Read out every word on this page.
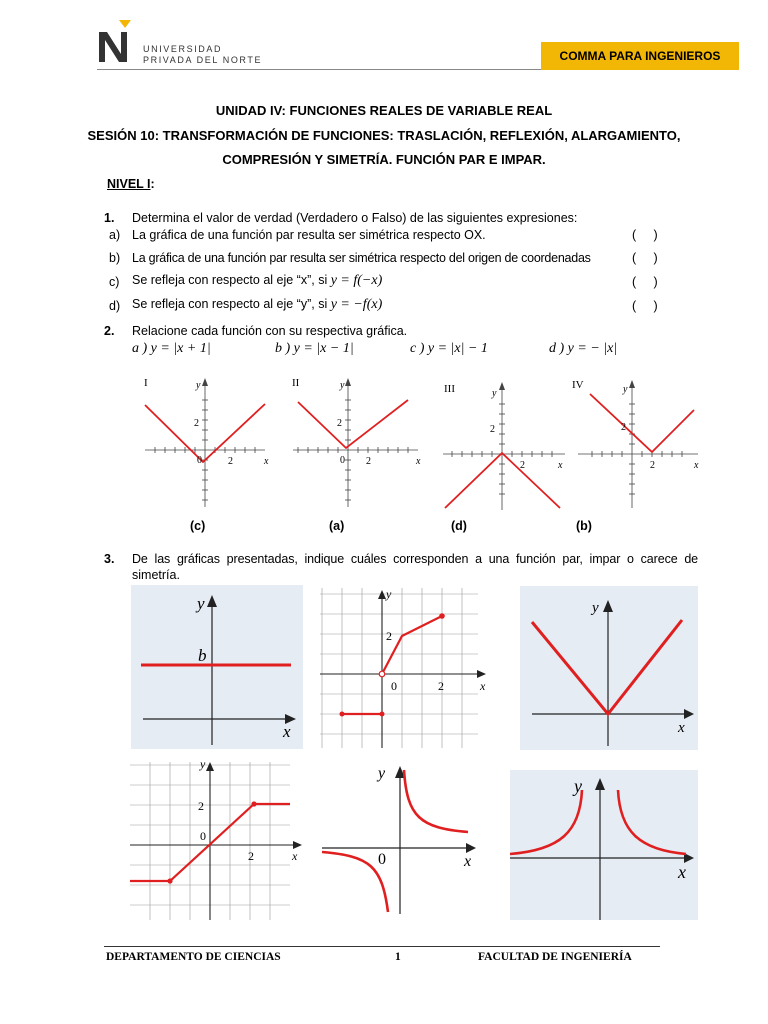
UNIVERSIDAD
PRIVADA DEL NORTE	COMMA PARA INGENIEROS
UNIDAD IV: FUNCIONES REALES DE VARIABLE REAL
SESIÓN 10: TRANSFORMACIÓN DE FUNCIONES: TRASLACIÓN, REFLEXIÓN, ALARGAMIENTO,
COMPRESIÓN Y SIMETRÍA. FUNCIÓN PAR E IMPAR.
NIVEL I:
1. Determina el valor de verdad (Verdadero o Falso) de las siguientes expresiones:
a) La gráfica de una función par resulta ser simétrica respecto OX.	(     )
b) La gráfica de una función par resulta ser simétrica respecto del origen de coordenadas	(     )
c) Se refleja con respecto al eje “x”, si y = f(−x)	(     )
d) Se refleja con respecto al eje “y”, si y = −f(x)	(     )
2. Relacione cada función con su respectiva gráfica.
a ) y = |x + 1|	b ) y = |x − 1|	c ) y = |x| − 1	d ) y = − |x|
I	y
x
2
2
0
II	y
x
2
2
0
III	y
x
2
2
IV	y
x
2
2
(c)	(a)	(d)	(b)
3. De  las  gráficas  presentadas,  indique  cuáles  corresponden  a  una  función  par,  impar  o  carece  de
simetría.
b
y
x
y
x
2
2
0
y
x
y
x
2
2
0
y
x
0
y
x
DEPARTAMENTO DE CIENCIAS	1	FACULTAD DE INGENIERÍA
